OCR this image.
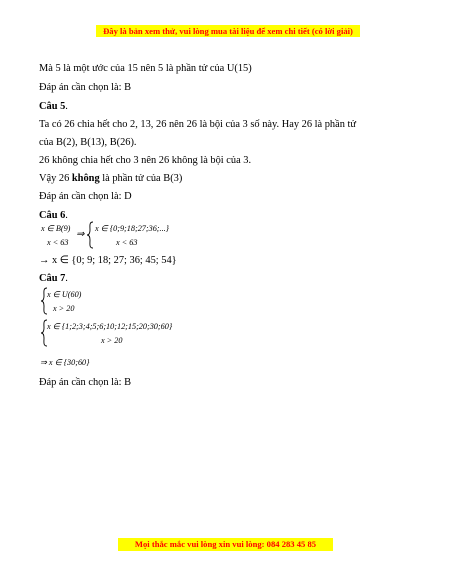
Đây là bản xem thử, vui lòng mua tài liệu để xem chi tiết (có lời giải)
Mà 5 là một ước của 15 nên 5 là phần tử của U(15)
Đáp án cần chọn là: B
Câu 5.
Ta có 26 chia hết cho 2, 13, 26 nên 26 là bội của 3 số này. Hay 26 là phần tử
của B(2), B(13), B(26).
26 không chia hết cho 3 nên 26 không là bội của 3.
Vậy 26 không là phần tử của B(3)
Đáp án cần chọn là: D
Câu 6.
x ∈ B(9)
x < 63
⇒
x ∈ {0;9;18;27;36;...}
x < 63
→ x ∈ {0; 9; 18; 27; 36; 45; 54}
Câu 7.
x ∈ U(60)
x > 20
x ∈ {1;2;3;4;5;6;10;12;15;20;30;60}
x > 20
⇒ x ∈ {30;60}
Đáp án cần chọn là: B
Mọi thắc mắc vui lòng xin vui lòng: 084 283 45 85
